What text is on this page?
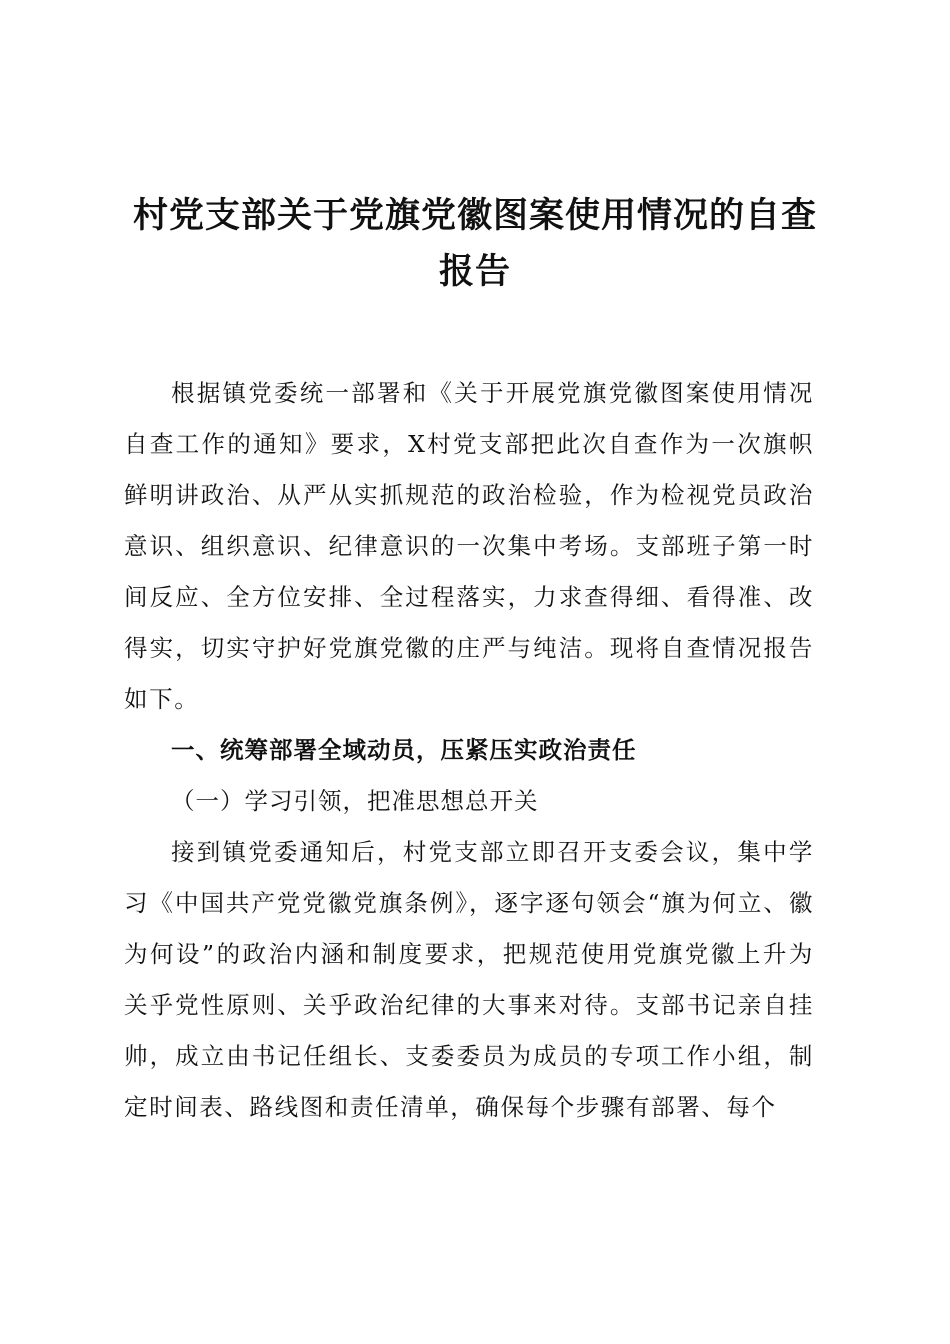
村党支部关于党旗党徽图案使用情况的自查报告

根据镇党委统一部署和《关于开展党旗党徽图案使用情况自查工作的通知》要求，X村党支部把此次自查作为一次旗帜鲜明讲政治、从严从实抓规范的政治检验，作为检视党员政治意识、组织意识、纪律意识的一次集中考场。支部班子第一时间反应、全方位安排、全过程落实，力求查得细、看得准、改得实，切实守护好党旗党徽的庄严与纯洁。现将自查情况报告如下。

一、统筹部署全域动员，压紧压实政治责任

（一）学习引领，把准思想总开关

接到镇党委通知后，村党支部立即召开支委会议，集中学习《中国共产党党徽党旗条例》，逐字逐句领会“旗为何立、徽为何设”的政治内涵和制度要求，把规范使用党旗党徽上升为关乎党性原则、关乎政治纪律的大事来对待。支部书记亲自挂帅，成立由书记任组长、支委委员为成员的专项工作小组，制定时间表、路线图和责任清单，确保每个步骤有部署、每个
